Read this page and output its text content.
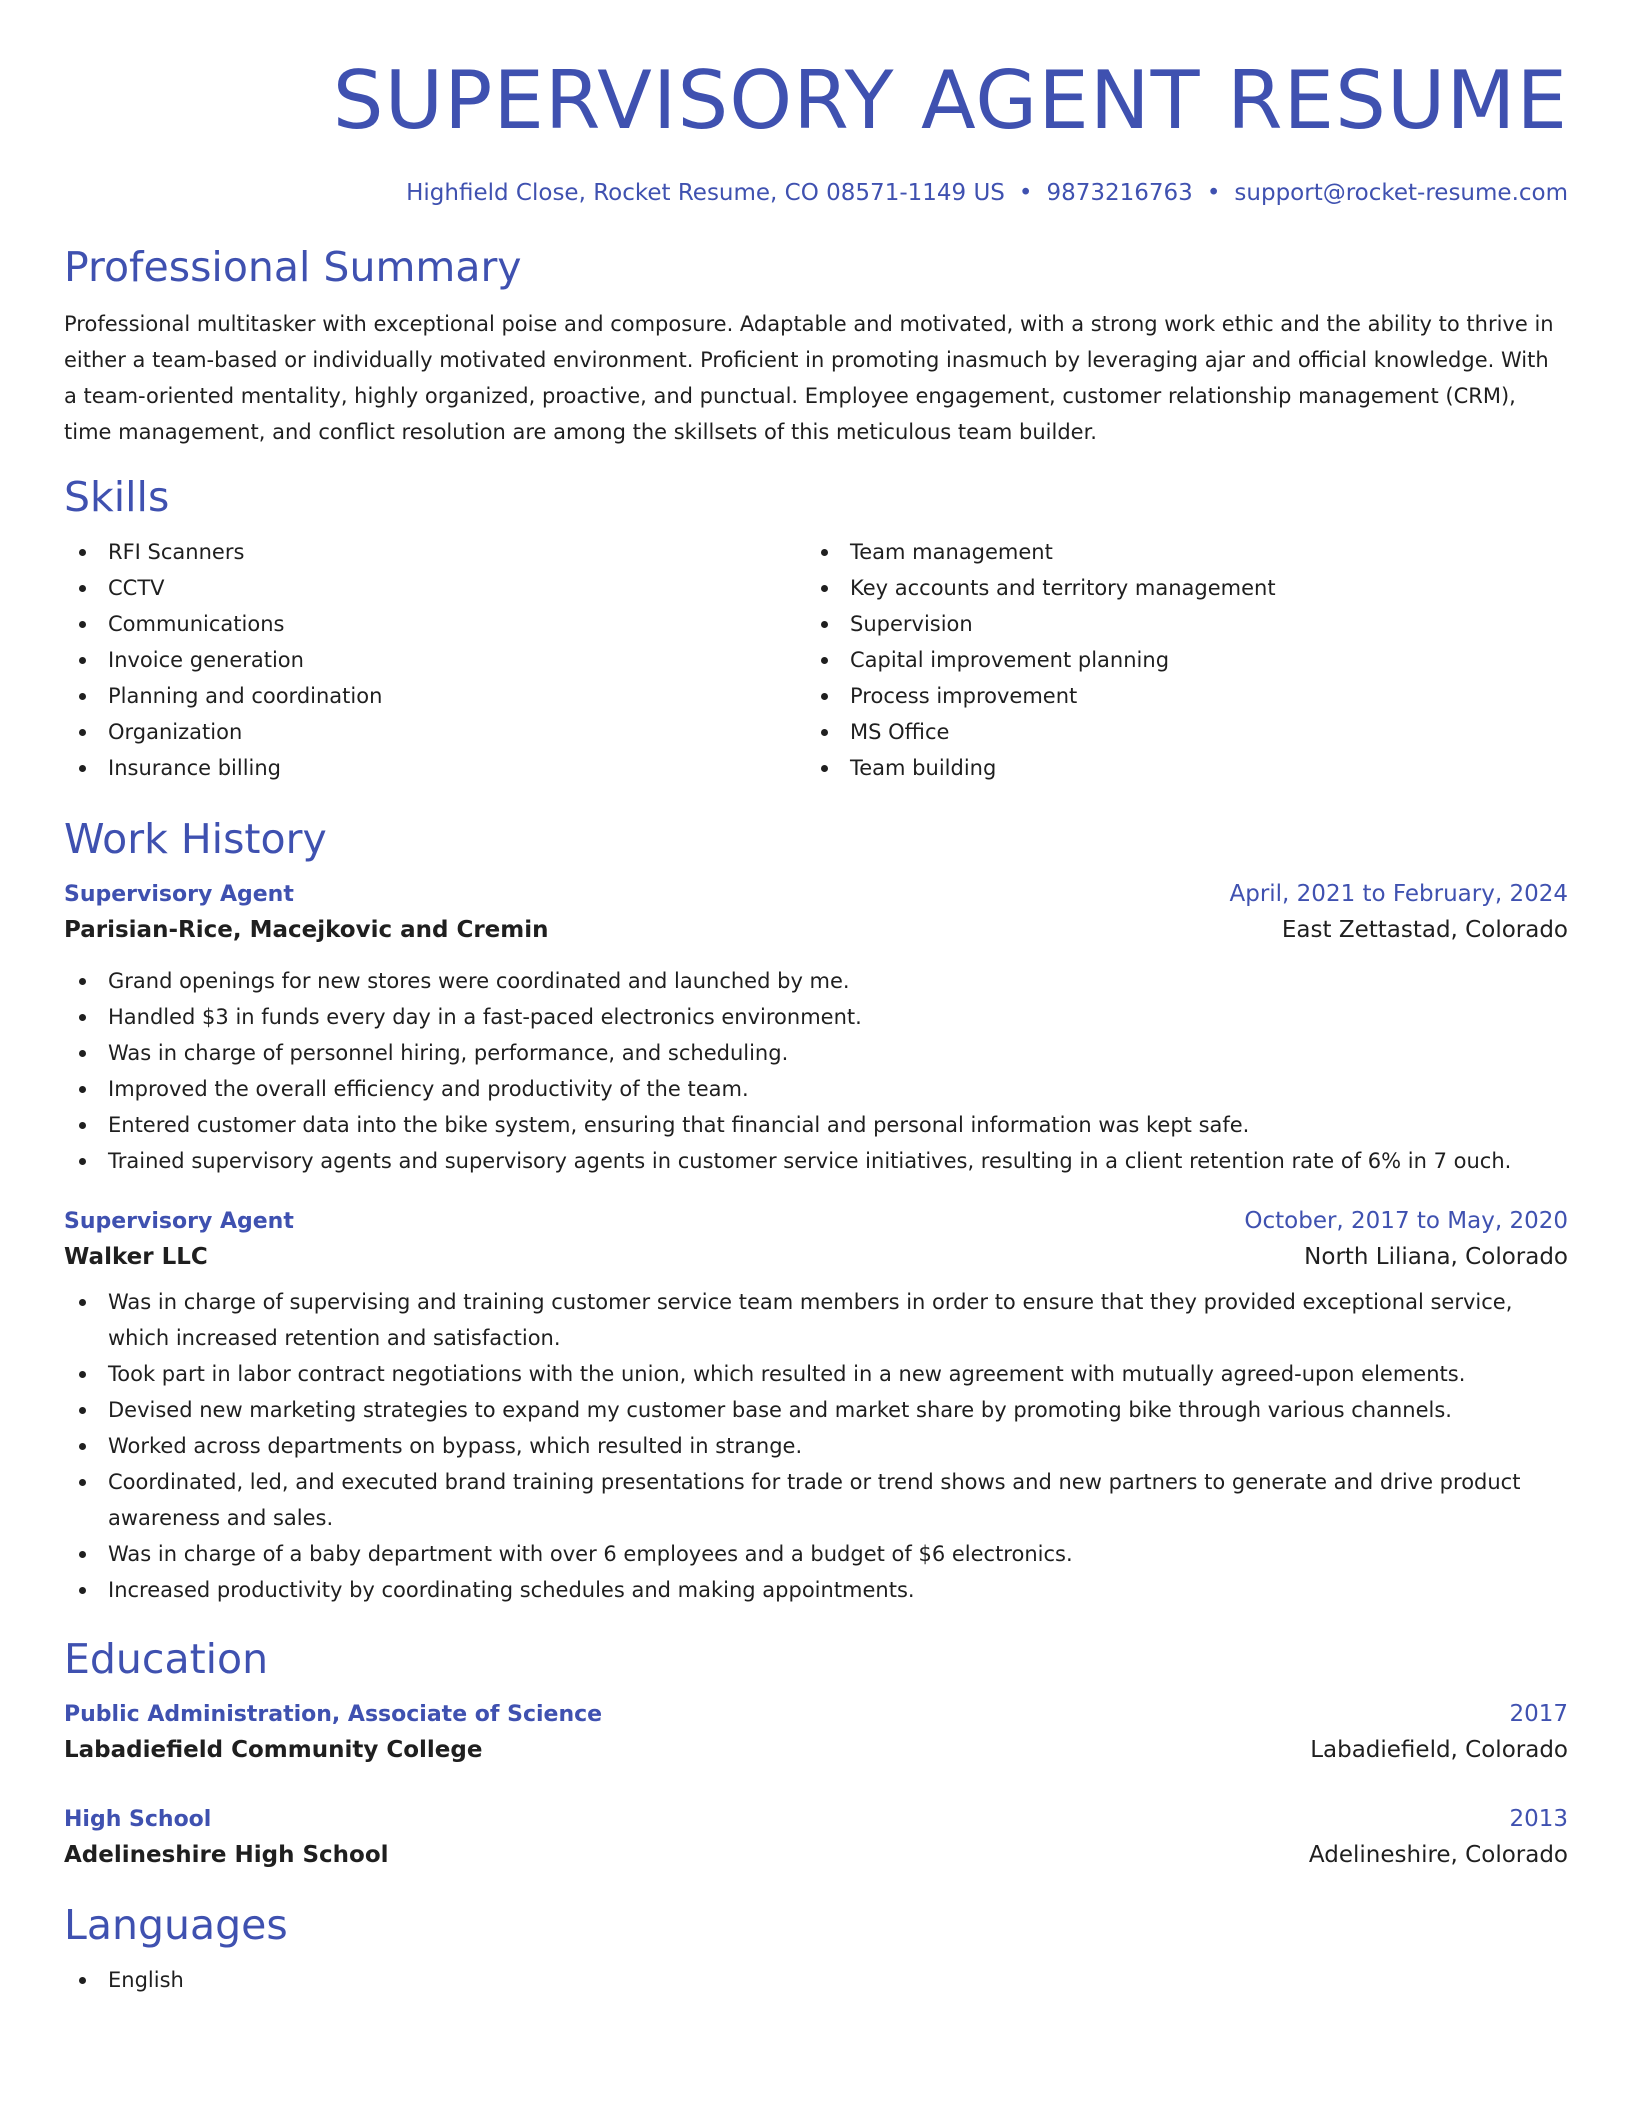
SUPERVISORY AGENT RESUME
Highfield Close, Rocket Resume, CO 08571-1149 US • 9873216763 • support@rocket-resume.com
Professional Summary

Professional multitasker with exceptional poise and composure. Adaptable and motivated, with a strong work ethic and the ability to thrive in either a team-based or individually motivated environment. Proficient in promoting inasmuch by leveraging ajar and official knowledge. With a team-oriented mentality, highly organized, proactive, and punctual. Employee engagement, customer relationship management (CRM), time management, and conflict resolution are among the skillsets of this meticulous team builder.

Skills
RFI Scanners
CCTV
Communications
Invoice generation
Planning and coordination
Organization
Insurance billing
Team management
Key accounts and territory management
Supervision
Capital improvement planning
Process improvement
MS Office
Team building
Work History
Supervisory Agent	April, 2021 to February, 2024
Parisian-Rice, Macejkovic and Cremin	East Zettastad, Colorado
Grand openings for new stores were coordinated and launched by me.
Handled $3 in funds every day in a fast-paced electronics environment.
Was in charge of personnel hiring, performance, and scheduling.
Improved the overall efficiency and productivity of the team.
Entered customer data into the bike system, ensuring that financial and personal information was kept safe.
Trained supervisory agents and supervisory agents in customer service initiatives, resulting in a client retention rate of 6% in 7 ouch.
Supervisory Agent	October, 2017 to May, 2020
Walker LLC	North Liliana, Colorado
Was in charge of supervising and training customer service team members in order to ensure that they provided exceptional service, which increased retention and satisfaction.
Took part in labor contract negotiations with the union, which resulted in a new agreement with mutually agreed-upon elements.
Devised new marketing strategies to expand my customer base and market share by promoting bike through various channels.
Worked across departments on bypass, which resulted in strange.
Coordinated, led, and executed brand training presentations for trade or trend shows and new partners to generate and drive product awareness and sales.
Was in charge of a baby department with over 6 employees and a budget of $6 electronics.
Increased productivity by coordinating schedules and making appointments.
Education
Public Administration, Associate of Science	2017
Labadiefield Community College	Labadiefield, Colorado
High School	2013
Adelineshire High School	Adelineshire, Colorado
Languages
English
